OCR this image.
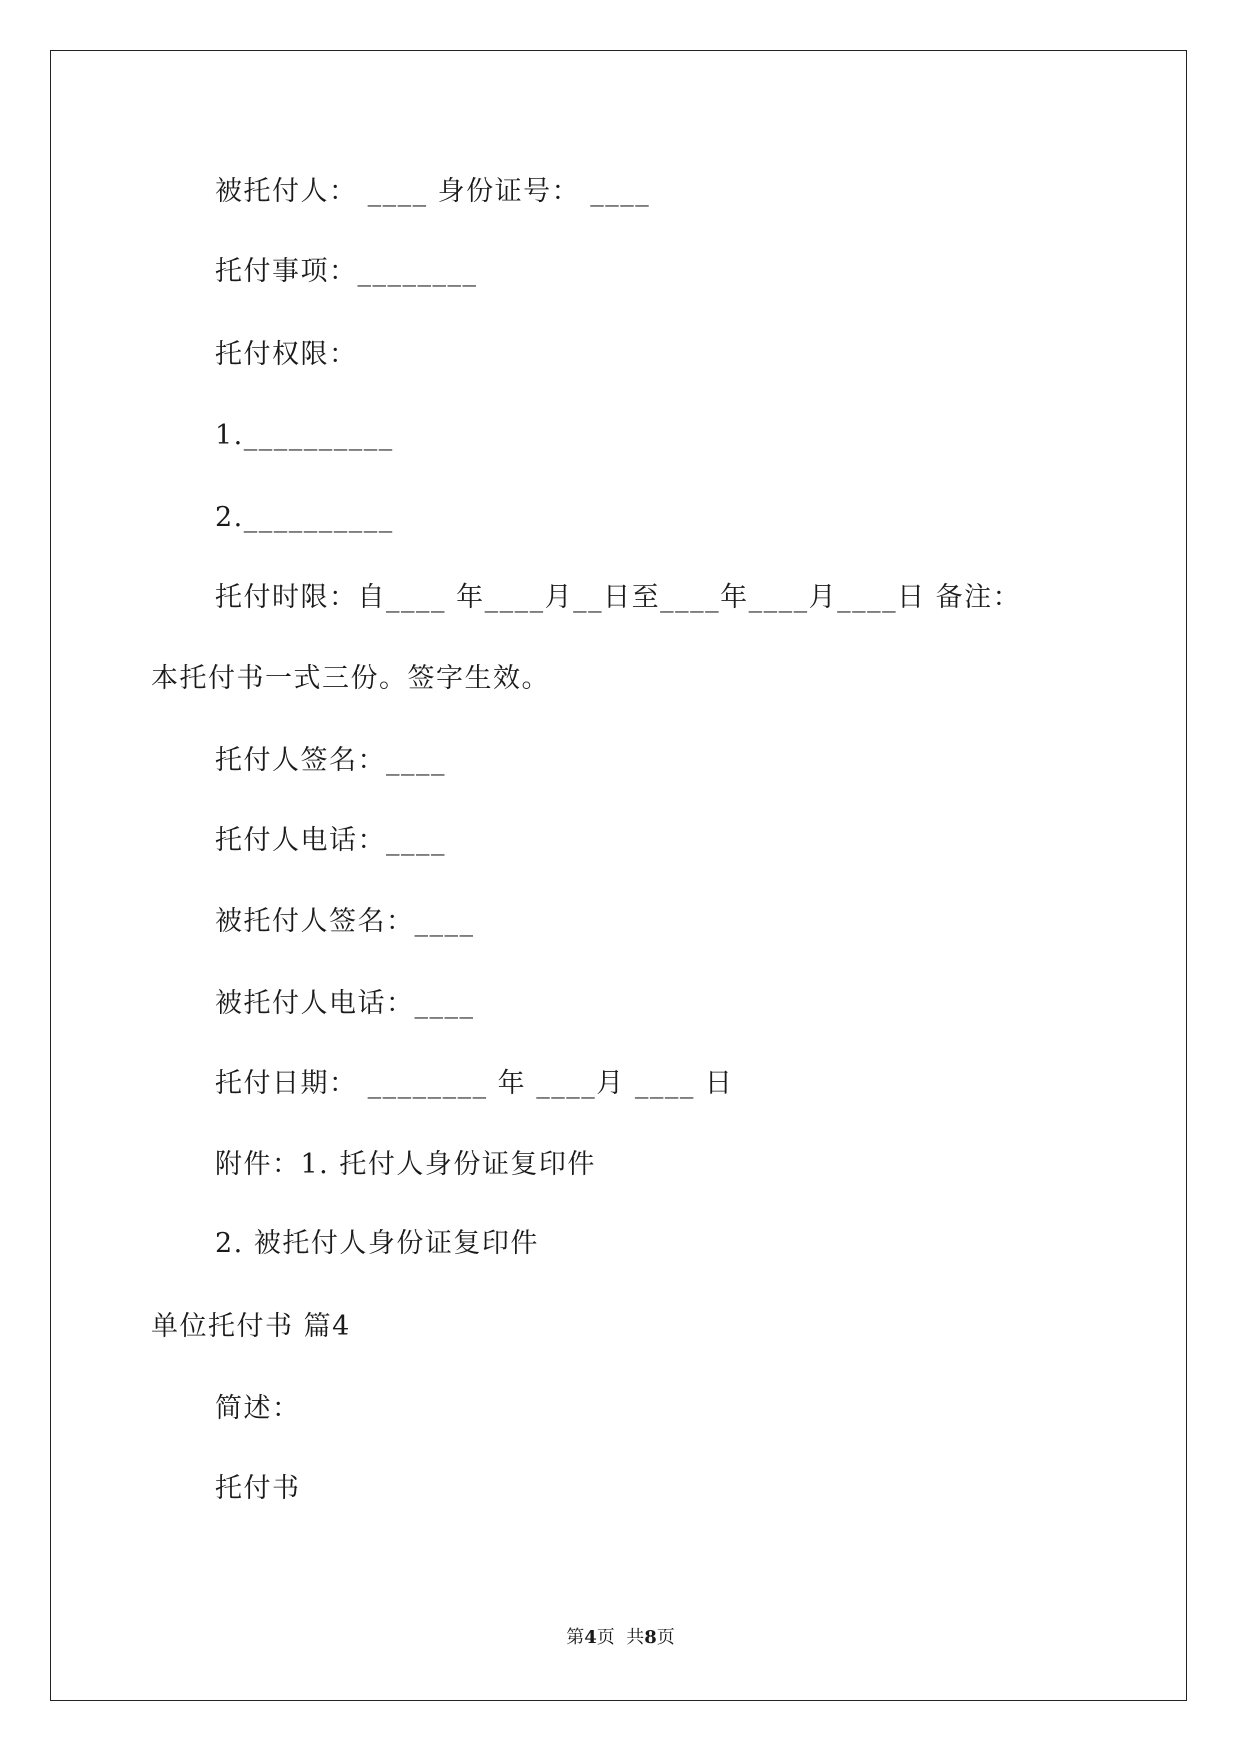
被托付人： ____ 身份证号： ____

托付事项：________

托付权限：

1.__________

2.__________

托付时限：自____ 年____月__日至____年____月____日 备注：

本托付书一式三份。签字生效。

托付人签名：____

托付人电话：____

被托付人签名：____

被托付人电话：____

托付日期： ________ 年 ____月 ____ 日

附件：1. 托付人身份证复印件

2. 被托付人身份证复印件

单位托付书 篇4

简述：

托付书

第4页  共8页
